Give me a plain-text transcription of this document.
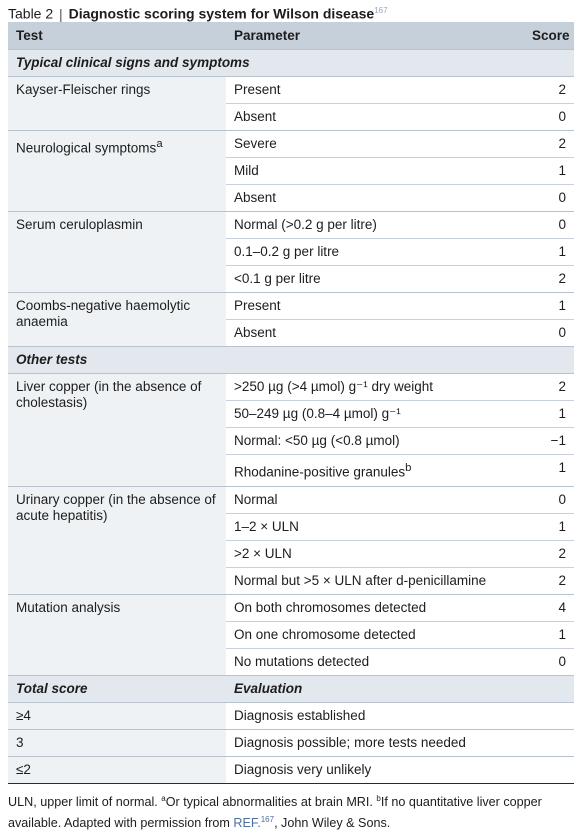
Table 2 | Diagnostic scoring system for Wilson disease$^{167}$
Test	Parameter	Score
Typical clinical signs and symptoms		
Kayser-Fleischer rings	Present	2
	Absent	0
Neurological symptoms$^a$	Severe	2
	Mild	1
	Absent	0
Serum ceruloplasmin	Normal (>0.2 g per litre)	0
	0.1–0.2 g per litre	1
	<0.1 g per litre	2
Coombs-negative haemolytic anaemia	Present	1
	Absent	0
Other tests		
Liver copper (in the absence of cholestasis)	>250 µg (>4 µmol) g⁻¹ dry weight	2
	50–249 µg (0.8–4 µmol) g⁻¹	1
	Normal: <50 µg (<0.8 µmol)	−1
	Rhodanine-positive granules$^b$	1
Urinary copper (in the absence of acute hepatitis)	Normal	0
	1–2 × ULN	1
	>2 × ULN	2
	Normal but >5 × ULN after d-penicillamine	2
Mutation analysis	On both chromosomes detected	4
	On one chromosome detected	1
	No mutations detected	0
Total score	Evaluation	
≥4	Diagnosis established	
3	Diagnosis possible; more tests needed	
≤2	Diagnosis very unlikely	
ULN, upper limit of normal. $^a$Or typical abnormalities at brain MRI. $^b$If no quantitative liver copper available. Adapted with permission from REF.$^{167}$, John Wiley & Sons.
